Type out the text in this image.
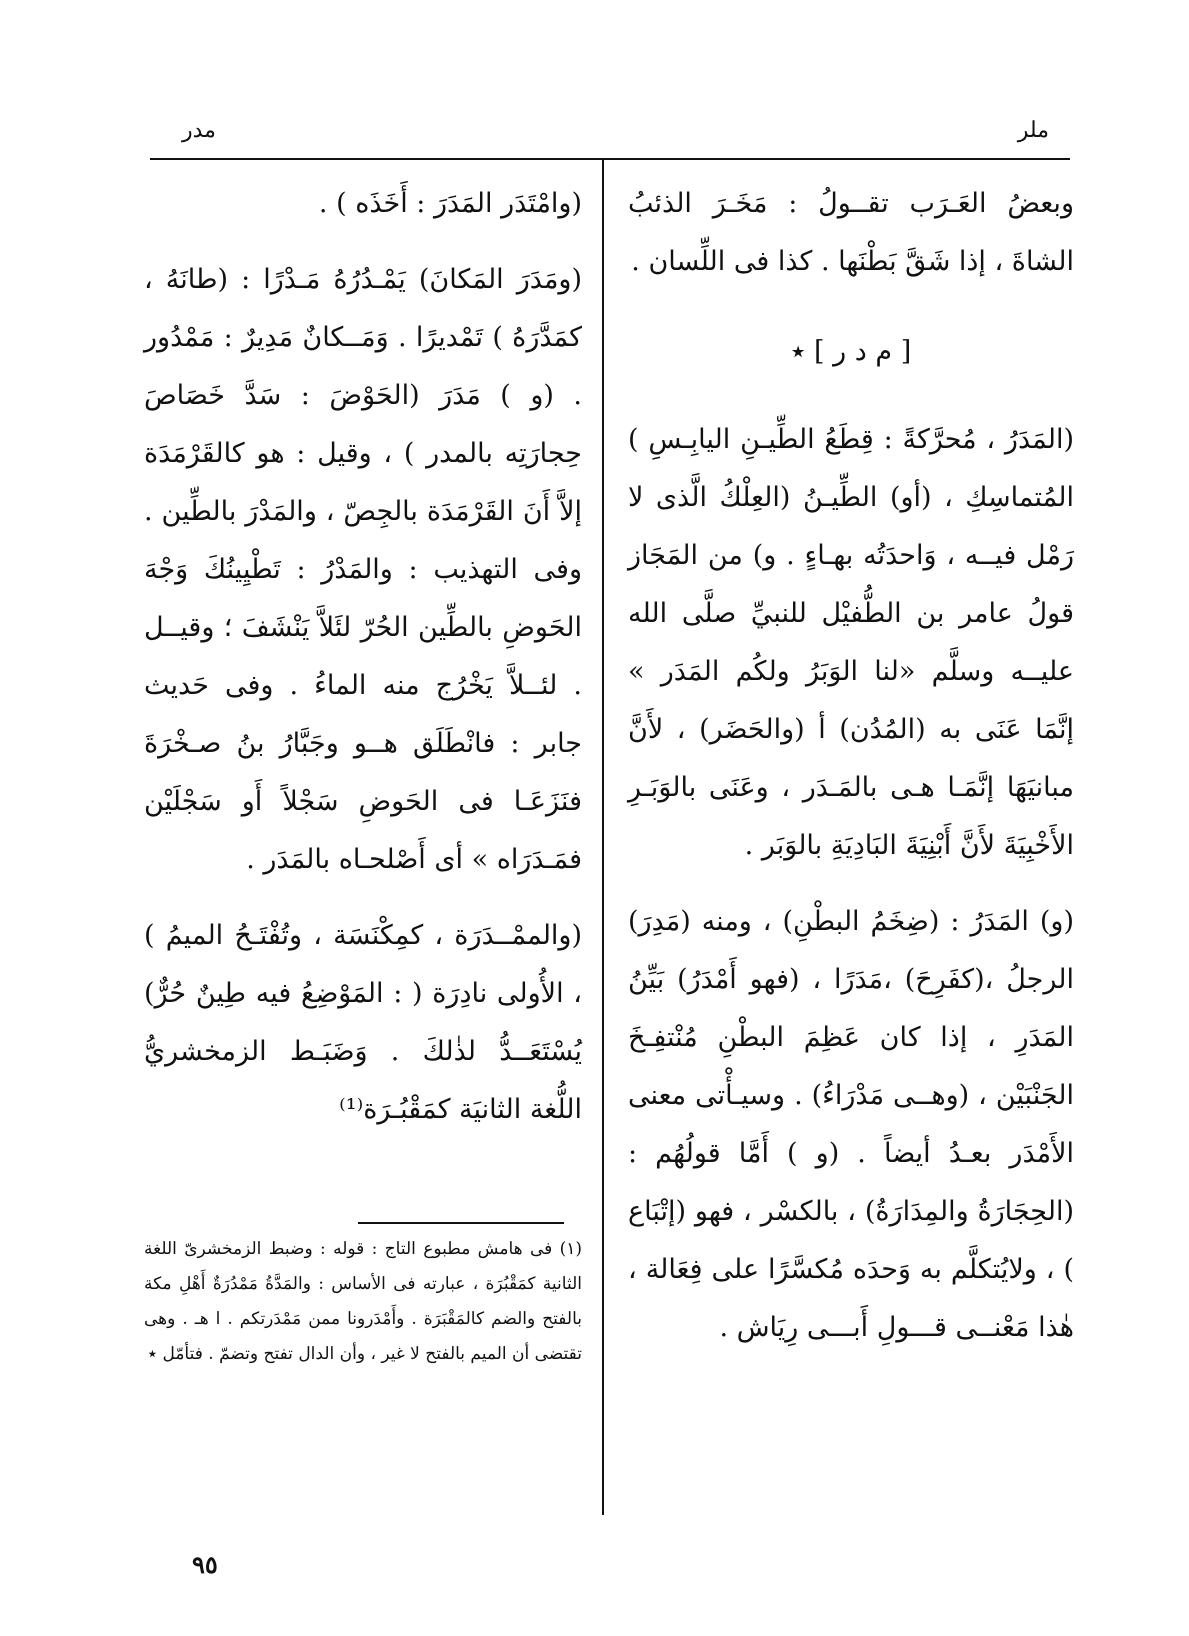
مدر	ملر

وبعضُ العَـرَب تقــولُ : مَخَـرَ الذئبُ الشاةَ ، إذا شَقَّ بَطْنَها . كذا فى اللِّسان .

[ م د ر ] ٭

(المَدَرُ ، مُحرَّكةً : قِطَعُ الطِّيـنِ اليابِـسِ ) المُتماسِكِ ، (أو) الطِّيـنُ (العِلْكُ الَّذى لا رَمْل فيــه ، وَاحدَتُه بهـاءٍ . و) من المَجَاز قولُ عامر بن الطُّفيْل للنبيِّ صلَّى الله عليــه وسلَّم «لنا الوَبَرُ ولكُم المَدَر » إنَّمَا عَنَى به (المُدُن) أ (والحَضَر) ، لأَنَّ مبانيَهَا إنَّمَـا هـى بالمَـدَر ، وعَنَى بالوَبَـرِ الأَخْبِيَةَ لأَنَّ أَبْنِيَةَ البَادِيَةِ بالوَبَر .

(و) المَدَرُ : (ضِخَمُ البطْنِ) ، ومنه (مَدِرَ) الرجلُ ،(كفَرِحَ) ،مَدَرًا ، (فهو أَمْدَرُ) بَيِّنُ المَدَرِ ، إذا كان عَظِمَ البطْنِ مُنْتفِـخَ الجَنْبَيْن ، (وهــى مَدْرَاءُ) . وسيـأْتى معنى الأَمْدَر بعـدُ أيضاً . (و ) أَمَّا قولُهُم : (الحِجَارَةُ والمِدَارَةُ) ، بالكسْر ، فهو (إتْبَاع ) ، ولايُتكلَّم به وَحدَه مُكسَّرًا على فِعَالة ، هٰذا مَعْنــى قـــولِ أَبـــى رِيَاش .

(وامْتَدَر المَدَرَ : أَخَذَه ) .

(ومَدَرَ المَكانَ) يَمْـدُرُهُ مَـدْرًا : (طانَهُ ، كمَدَّرَهُ ) تَمْديرًا . وَمَــكانٌ مَدِيرٌ : مَمْدُور . (و ) مَدَرَ (الحَوْضَ : سَدَّ خَصَاصَ حِجارَتِه بالمدر ) ، وقيل : هو كالقَرْمَدَة إلاَّ أَنَ القَرْمَدَة بالجِصّ ، والمَدْرَ بالطِّين . وفى التهذيب : والمَدْرُ : تَطْيِينُكَ وَجْهَ الحَوضِ بالطِّين الحُرّ لئَلاَّ يَنْشَفَ ؛ وقيــل . لئــلاَّ يَخْرُج منه الماءُ . وفى حَديث جابر : فانْطَلَق هــو وجَبَّارُ بنُ صـخْرَةَ فنَزَعَـا فى الحَوضِ سَجْلاً أَو سَجْلَيْن فمَـدَرَاه » أى أَصْلحـاه بالمَدَر .

(والممْــدَرَة ، كمِكْنَسَة ، وتُفْتَـحُ الميمُ ) ، الأُولى نادِرَة ( : المَوْضِعُ فيه طِينٌ حُرٌّ) يُسْتَعَــدُّ لذٰلكَ . وَضَبَـط الزمخشريُّ اللُّغة الثانيَة كمَقْبُـرَة⁽¹⁾

(١) فى هامش مطبوع التاج : قوله : وضبط الزمخشرىّ اللغة الثانية كمَقْبُرَة ، عبارته فى الأساس : والمَدَّةُ مَمْدُرَةٌ أَهْلِ مكة بالفتح والضم كالمَقْبَرَة . وأَمْدَرونا ممن مَمْدَرتكم . ا هـ . وهى تقتضى أن الميم بالفتح لا غير ، وأن الدال تفتح وتضمّ . فتأمّل ٭

٩٥
